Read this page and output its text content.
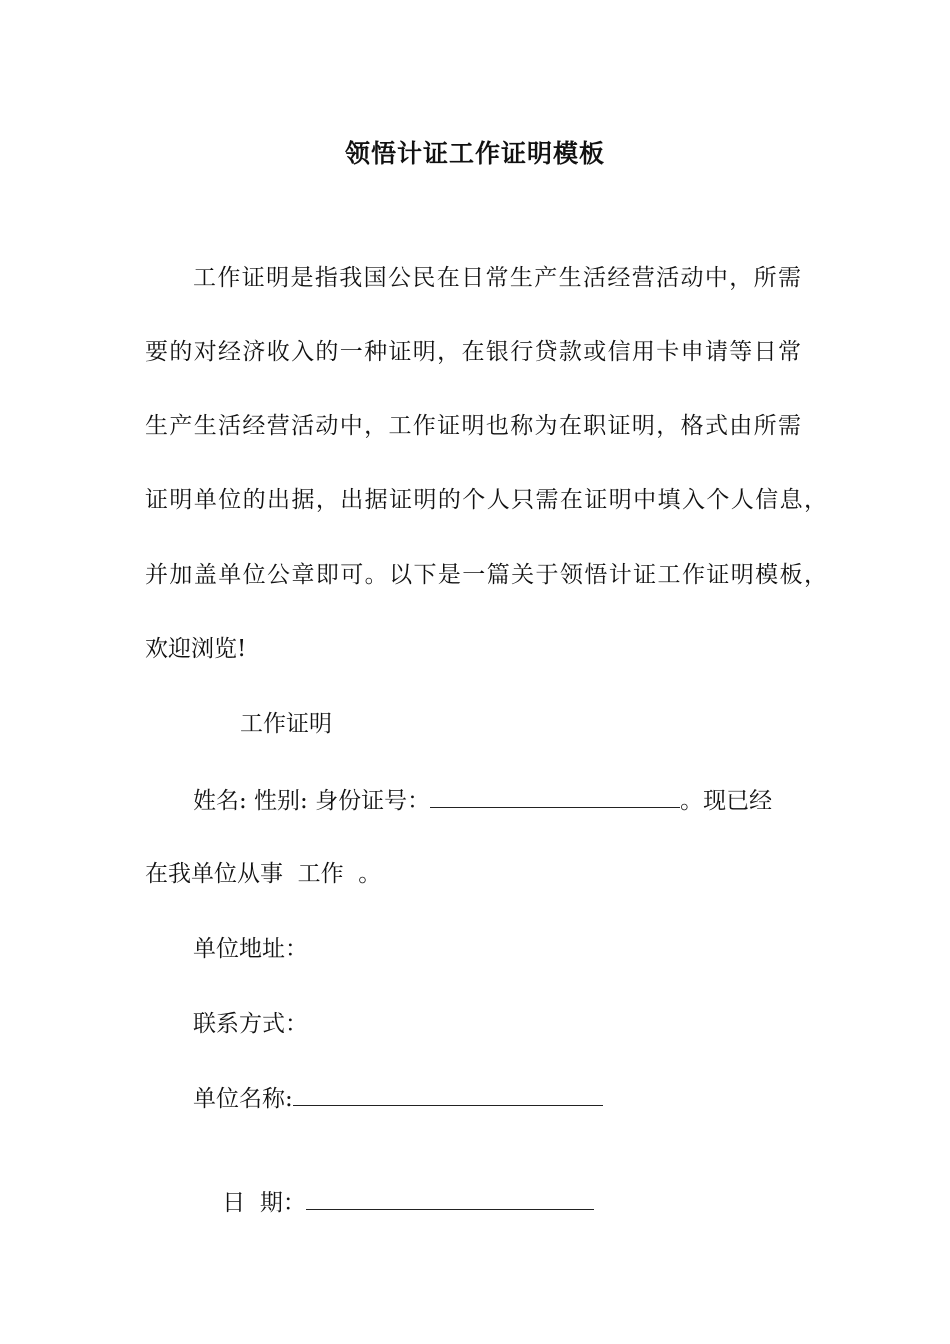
领悟计证工作证明模板
工作证明是指我国公民在日常生产生活经营活动中，所需
要的对经济收入的一种证明，在银行贷款或信用卡申请等日常
生产生活经营活动中，工作证明也称为在职证明，格式由所需
证明单位的出据，出据证明的个人只需在证明中填入个人信息，
并加盖单位公章即可。以下是一篇关于领悟计证工作证明模板，
欢迎浏览!
工作证明
姓名: 性别: 身份证号：	。现已经
在我单位从事  工作  。
单位地址：
联系方式：
单位名称:

日  期：
